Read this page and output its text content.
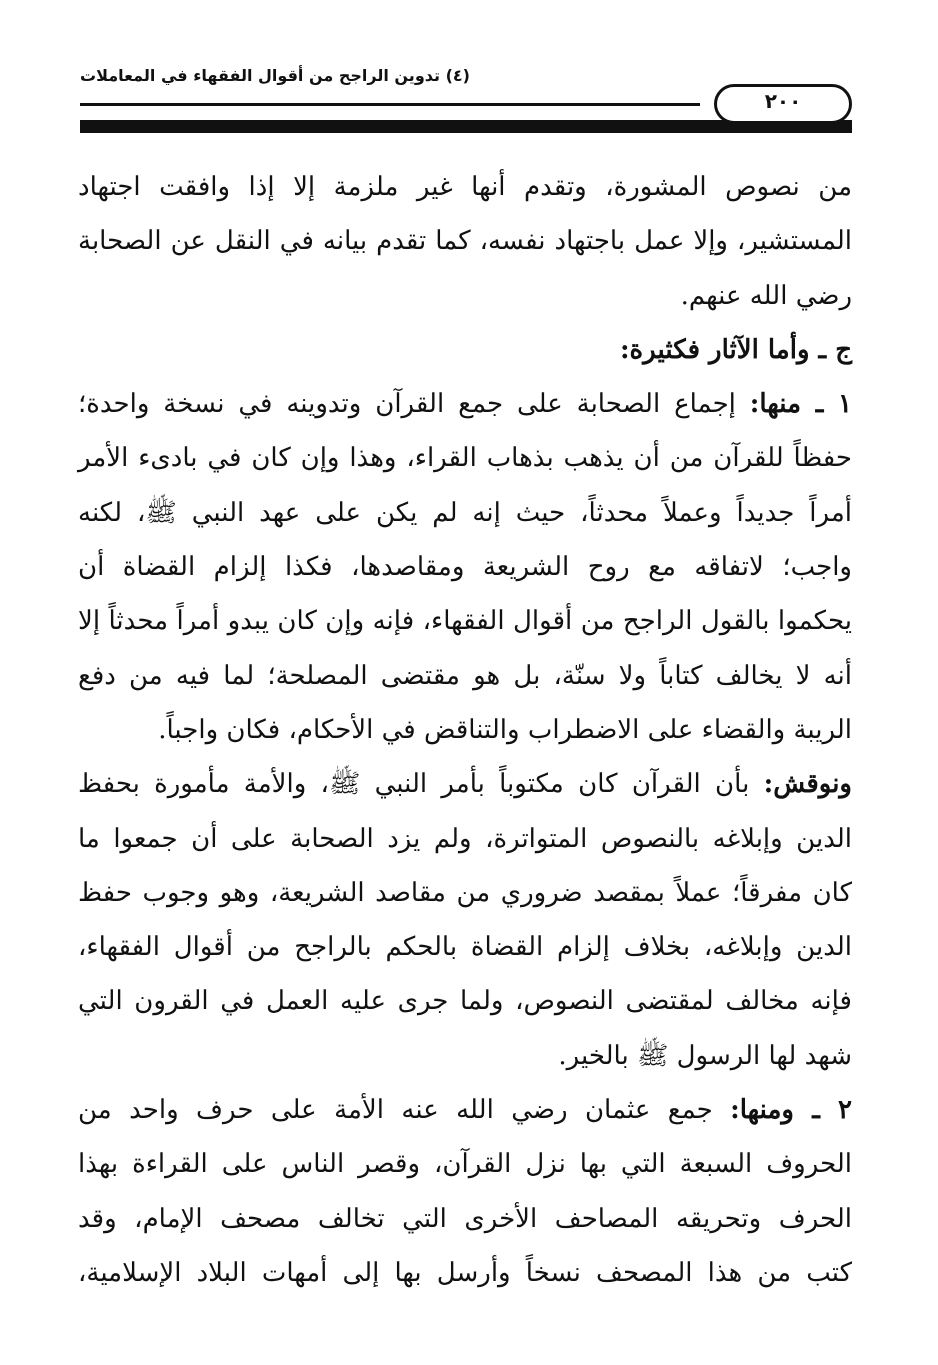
(٤) تدوين الراجح من أقوال الفقهاء في المعاملات
٢٠٠
من نصوص المشورة، وتقدم أنها غير ملزمة إلا إذا وافقت اجتهاد
المستشير، وإلا عمل باجتهاد نفسه، كما تقدم بيانه في النقل عن الصحابة
رضي الله عنهم.
ج ـ وأما الآثار فكثيرة:
١ ـ منها: إجماع الصحابة على جمع القرآن وتدوينه في نسخة واحدة؛
حفظاً للقرآن من أن يذهب بذهاب القراء، وهذا وإن كان في بادىء الأمر
أمراً جديداً وعملاً محدثاً، حيث إنه لم يكن على عهد النبي ﷺ، لكنه
واجب؛ لاتفاقه مع روح الشريعة ومقاصدها، فكذا إلزام القضاة أن
يحكموا بالقول الراجح من أقوال الفقهاء، فإنه وإن كان يبدو أمراً محدثاً إلا
أنه لا يخالف كتاباً ولا سنّة، بل هو مقتضى المصلحة؛ لما فيه من دفع
الريبة والقضاء على الاضطراب والتناقض في الأحكام، فكان واجباً.
ونوقش: بأن القرآن كان مكتوباً بأمر النبي ﷺ، والأمة مأمورة بحفظ
الدين وإبلاغه بالنصوص المتواترة، ولم يزد الصحابة على أن جمعوا ما
كان مفرقاً؛ عملاً بمقصد ضروري من مقاصد الشريعة، وهو وجوب حفظ
الدين وإبلاغه، بخلاف إلزام القضاة بالحكم بالراجح من أقوال الفقهاء،
فإنه مخالف لمقتضى النصوص، ولما جرى عليه العمل في القرون التي
شهد لها الرسول ﷺ بالخير.
٢ ـ ومنها: جمع عثمان رضي الله عنه الأمة على حرف واحد من
الحروف السبعة التي بها نزل القرآن، وقصر الناس على القراءة بهذا
الحرف وتحريقه المصاحف الأخرى التي تخالف مصحف الإمام، وقد
كتب من هذا المصحف نسخاً وأرسل بها إلى أمهات البلاد الإسلامية،
